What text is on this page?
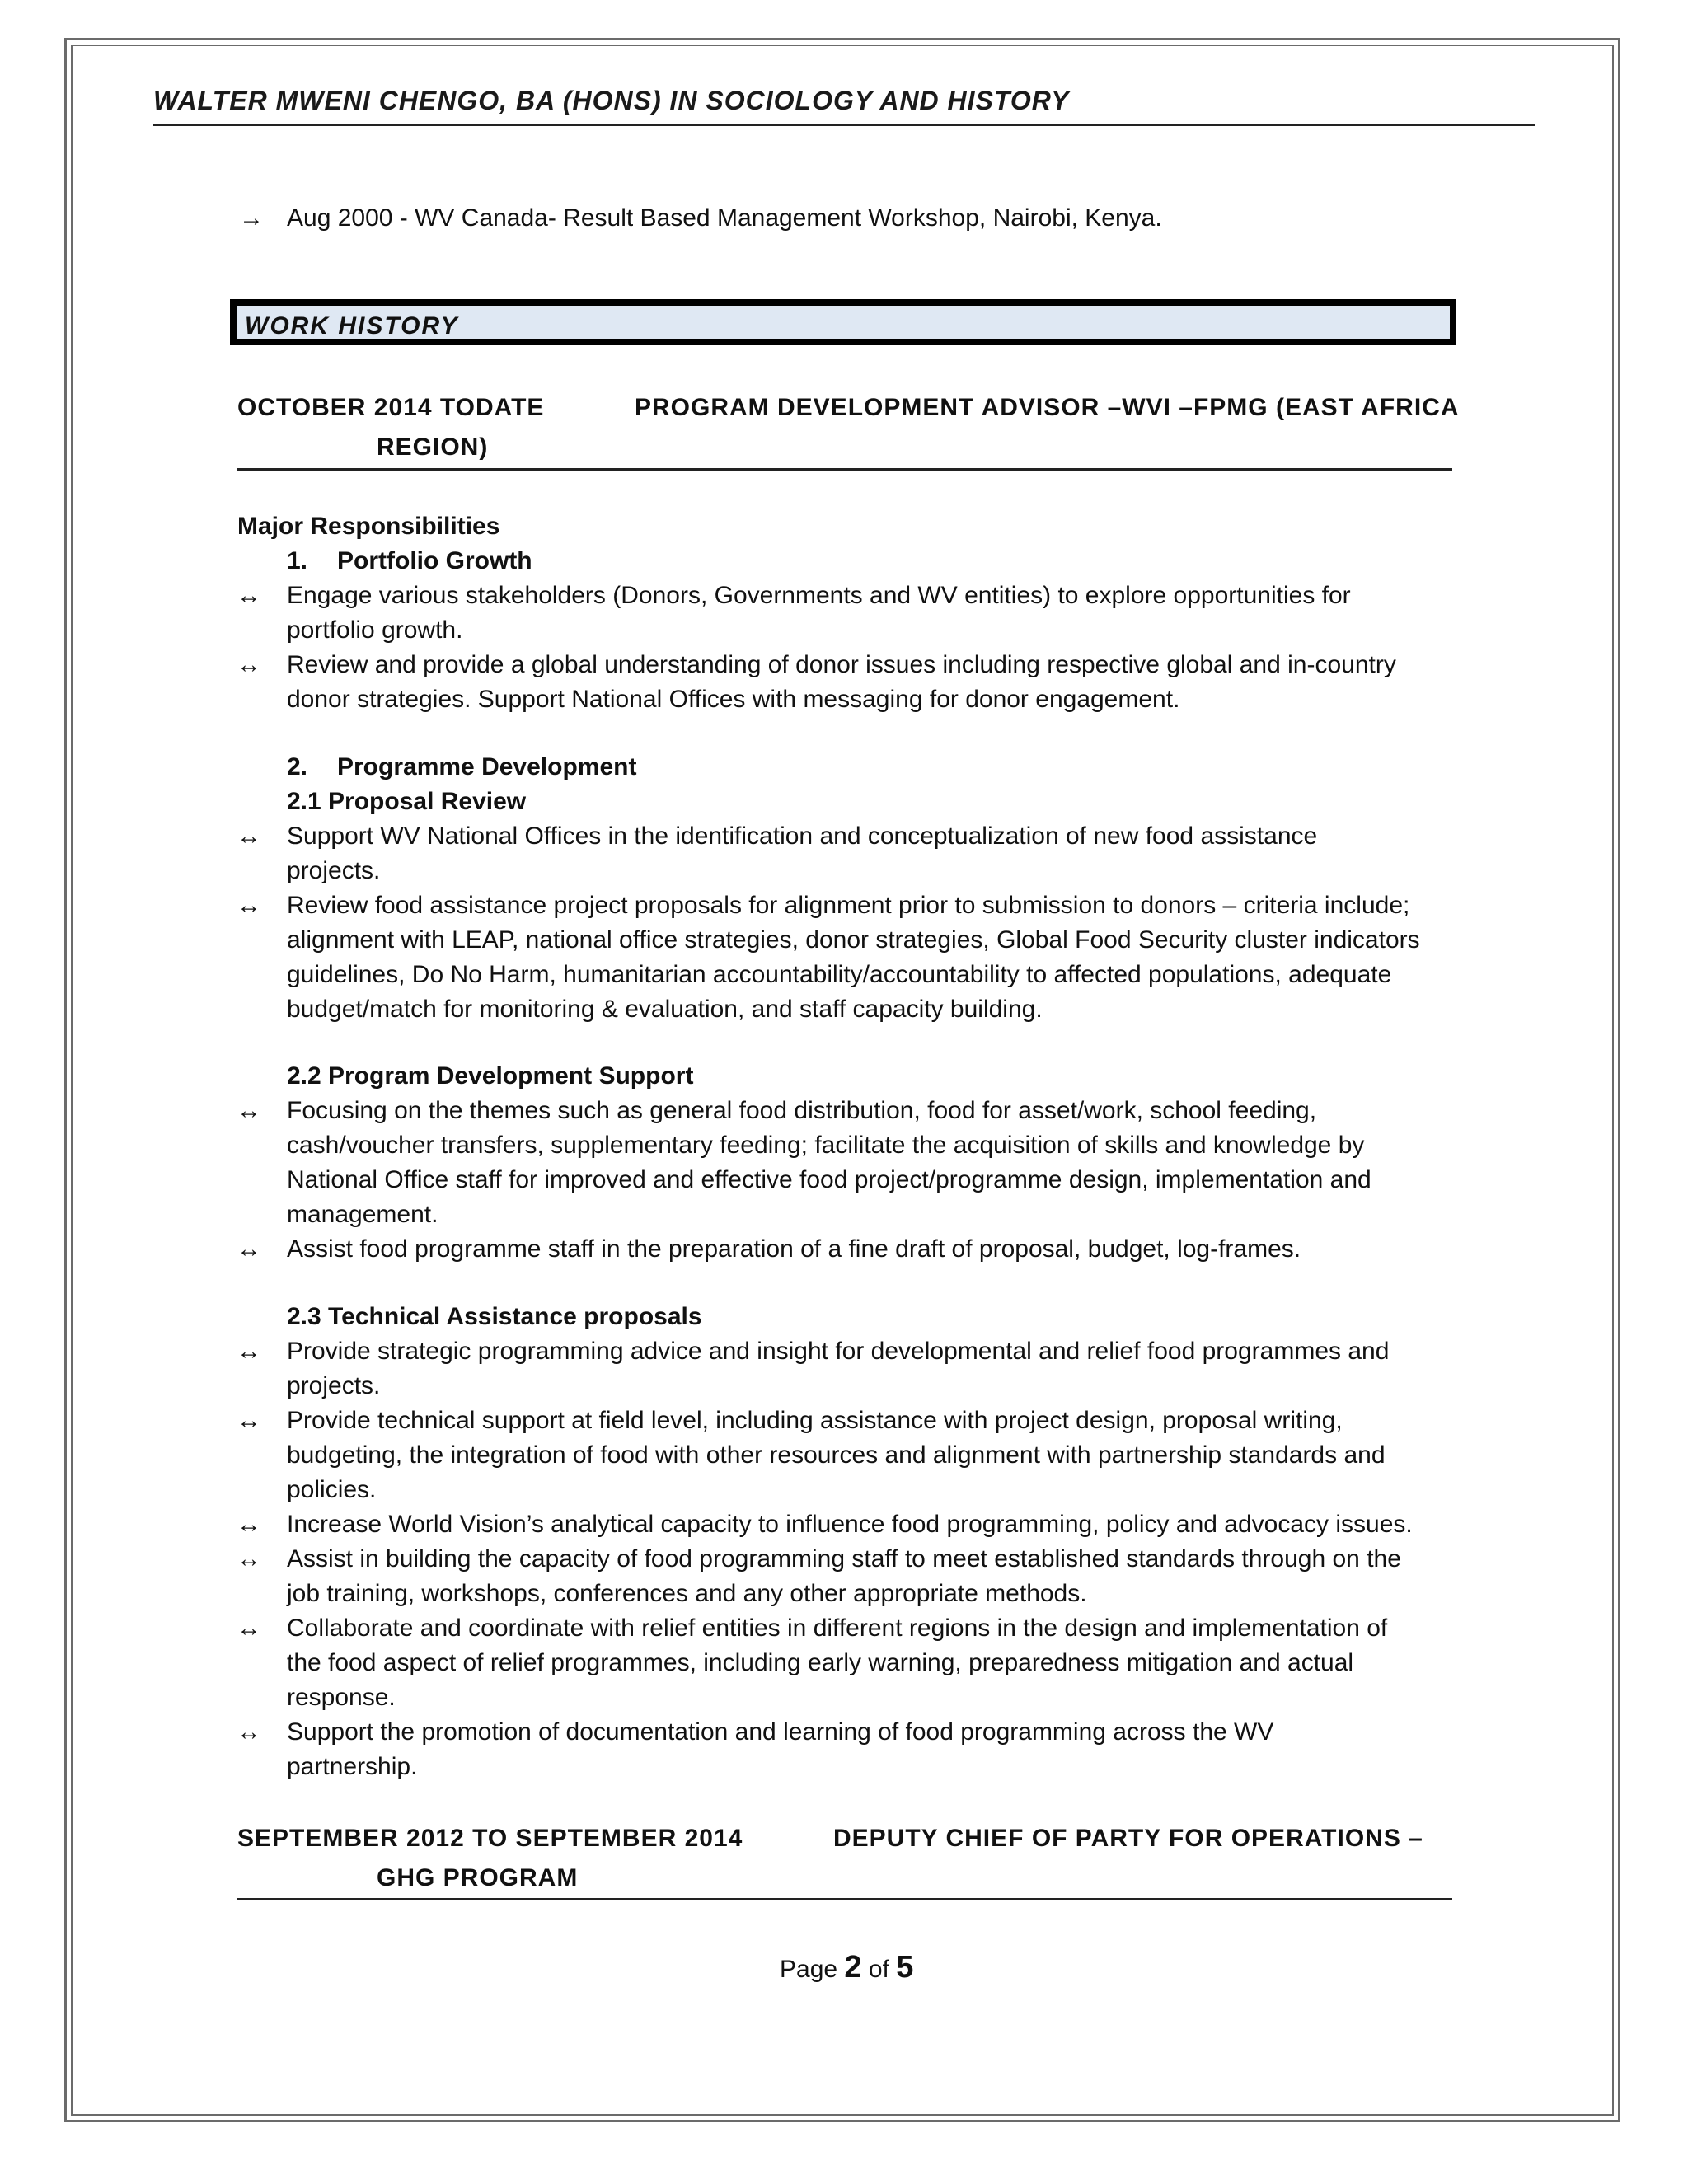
WALTER MWENI CHENGO, BA (HONS) IN SOCIOLOGY AND HISTORY
→ Aug 2000 - WV Canada- Result Based Management Workshop, Nairobi, Kenya.
WORK HISTORY
OCTOBER 2014 TODATE	PROGRAM DEVELOPMENT ADVISOR –WVI –FPMG (EAST AFRICA
REGION)
Major Responsibilities
1. Portfolio Growth
↔ Engage various stakeholders (Donors, Governments and WV entities) to explore opportunities for
portfolio growth.
↔ Review and provide a global understanding of donor issues including respective global and in-country
donor strategies. Support National Offices with messaging for donor engagement.
2. Programme Development
2.1 Proposal Review
↔ Support WV National Offices in the identification and conceptualization of new food assistance
projects.
↔ Review food assistance project proposals for alignment prior to submission to donors – criteria include;
alignment with LEAP, national office strategies, donor strategies, Global Food Security cluster indicators
guidelines, Do No Harm, humanitarian accountability/accountability to affected populations, adequate
budget/match for monitoring & evaluation, and staff capacity building.
2.2 Program Development Support
↔ Focusing on the themes such as general food distribution, food for asset/work, school feeding,
cash/voucher transfers, supplementary feeding; facilitate the acquisition of skills and knowledge by
National Office staff for improved and effective food project/programme design, implementation and
management.
↔ Assist food programme staff in the preparation of a fine draft of proposal, budget, log-frames.
2.3 Technical Assistance proposals
↔ Provide strategic programming advice and insight for developmental and relief food programmes and
projects.
↔ Provide technical support at field level, including assistance with project design, proposal writing,
budgeting, the integration of food with other resources and alignment with partnership standards and
policies.
↔ Increase World Vision’s analytical capacity to influence food programming, policy and advocacy issues.
↔ Assist in building the capacity of food programming staff to meet established standards through on the
job training, workshops, conferences and any other appropriate methods.
↔ Collaborate and coordinate with relief entities in different regions in the design and implementation of
the food aspect of relief programmes, including early warning, preparedness mitigation and actual
response.
↔ Support the promotion of documentation and learning of food programming across the WV
partnership.
SEPTEMBER 2012 TO SEPTEMBER 2014	DEPUTY CHIEF OF PARTY FOR OPERATIONS –
GHG PROGRAM
Page 2 of 5
